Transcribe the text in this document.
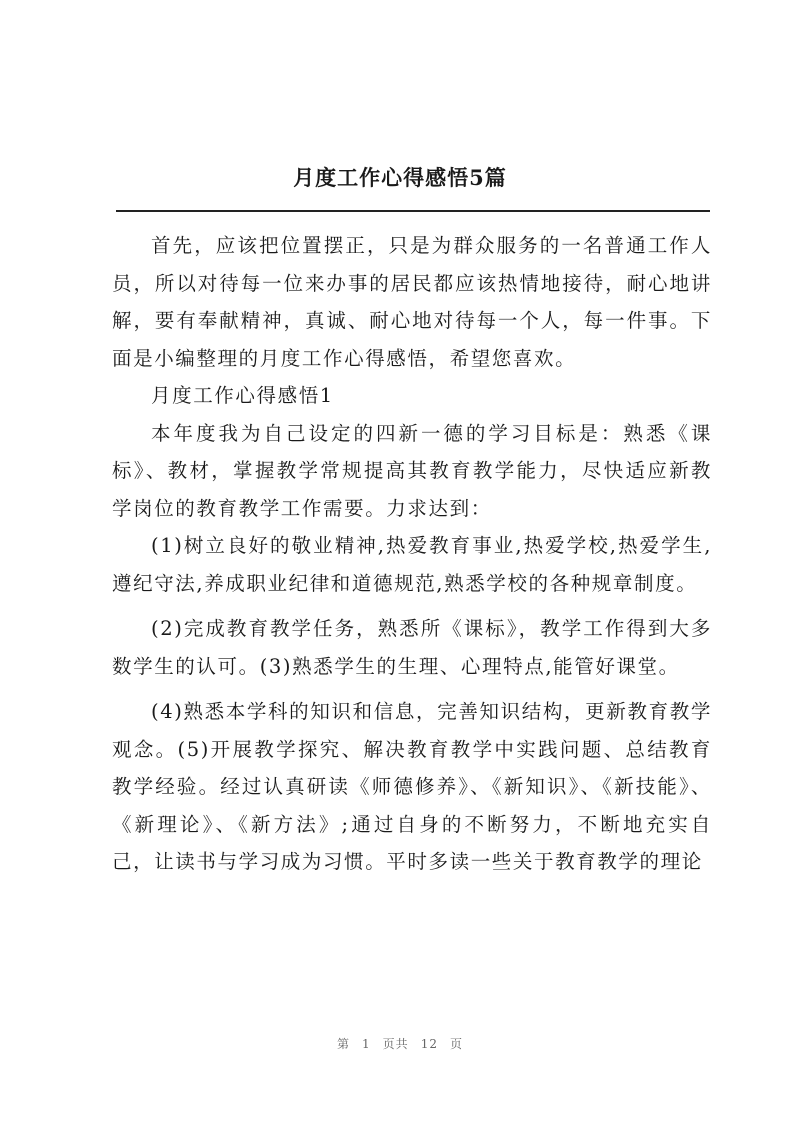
月度工作心得感悟5篇

首先，应该把位置摆正，只是为群众服务的一名普通工作人员，所以对待每一位来办事的居民都应该热情地接待，耐心地讲解，要有奉献精神，真诚、耐心地对待每一个人，每一件事。下面是小编整理的月度工作心得感悟，希望您喜欢。

月度工作心得感悟1

本年度我为自己设定的四新一德的学习目标是：熟悉《课标》、教材，掌握教学常规提高其教育教学能力，尽快适应新教学岗位的教育教学工作需要。力求达到：

(1)树立良好的敬业精神,热爱教育事业,热爱学校,热爱学生,遵纪守法,养成职业纪律和道德规范,熟悉学校的各种规章制度。

(2)完成教育教学任务，熟悉所《课标》，教学工作得到大多数学生的认可。(3)熟悉学生的生理、心理特点,能管好课堂。

(4)熟悉本学科的知识和信息，完善知识结构，更新教育教学观念。(5)开展教学探究、解决教育教学中实践问题、总结教育教学经验。经过认真研读《师德修养》、《新知识》、《新技能》、《新理论》、《新方法》;通过自身的不断努力，不断地充实自己，让读书与学习成为习惯。平时多读一些关于教育教学的理论

第 1 页共 12 页
